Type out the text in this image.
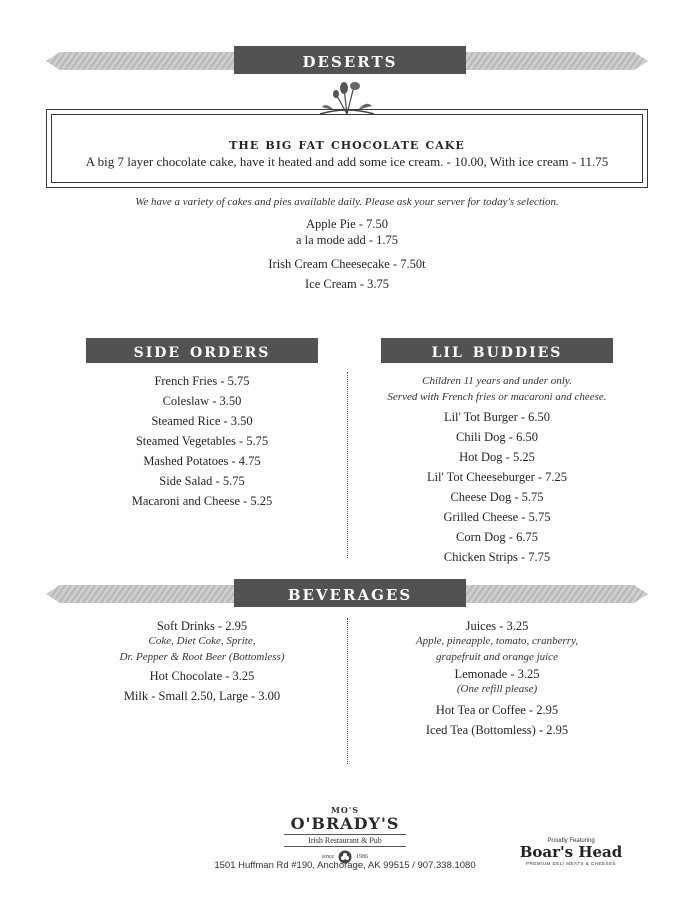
deserts
the big fat chocolate cake
A big 7 layer chocolate cake, have it heated and add some ice cream. - 10.00, With ice cream - 11.75
We have a variety of cakes and pies available daily. Please ask your server for today's selection.
Apple Pie - 7.50
a la mode add - 1.75
Irish Cream Cheesecake - 7.50t
Ice Cream - 3.75
side orders
French Fries - 5.75
Coleslaw - 3.50
Steamed Rice - 3.50
Steamed Vegetables - 5.75
Mashed Potatoes - 4.75
Side Salad - 5.75
Macaroni and Cheese - 5.25
lil buddies
Children 11 years and under only.
Served with French fries or macaroni and cheese.
Lil' Tot Burger - 6.50
Chili Dog - 6.50
Hot Dog - 5.25
Lil' Tot Cheeseburger - 7.25
Cheese Dog - 5.75
Grilled Cheese - 5.75
Corn Dog - 6.75
Chicken Strips - 7.75
beverages
Soft Drinks - 2.95
Coke, Diet Coke, Sprite,
Dr. Pepper & Root Beer (Bottomless)
Hot Chocolate - 3.25
Milk - Small 2.50, Large - 3.00
Juices - 3.25
Apple, pineapple, tomato, cranberry,
grapefruit and orange juice
Lemonade - 3.25
(One refill please)
Hot Tea or Coffee - 2.95
Iced Tea (Bottomless) - 2.95
MO'S
O'BRADY'S
Irish Restaurant & Pub
since	1986
1501 Huffman Rd #190, Anchorage, AK 99515 / 907.338.1080
Proudly Featuring
Boar's Head
PREMIUM DELI MEATS & CHEESES
